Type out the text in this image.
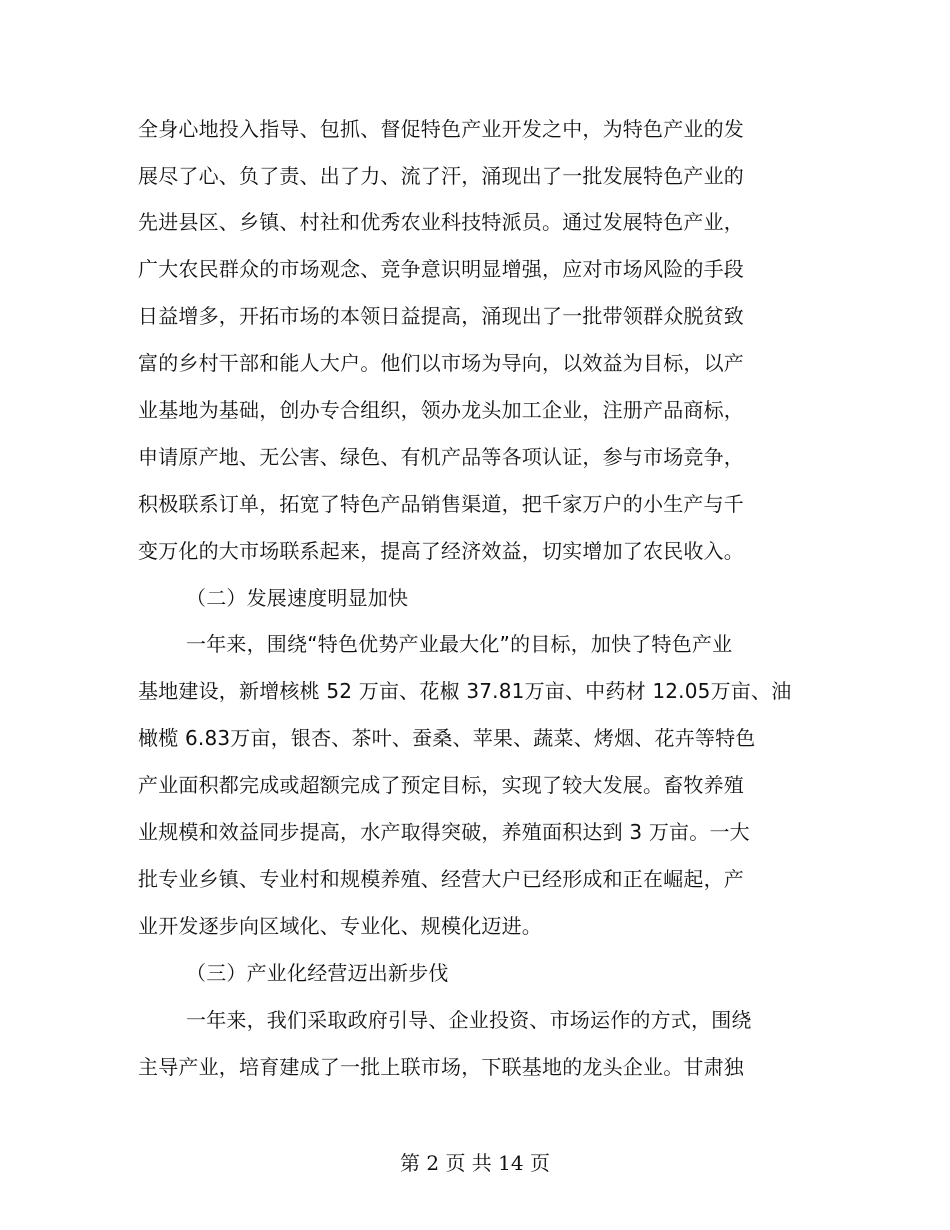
全身心地投入指导、包抓、督促特色产业开发之中，为特色产业的发
展尽了心、负了责、出了力、流了汗，涌现出了一批发展特色产业的
先进县区、乡镇、村社和优秀农业科技特派员。通过发展特色产业，
广大农民群众的市场观念、竞争意识明显增强，应对市场风险的手段
日益增多，开拓市场的本领日益提高，涌现出了一批带领群众脱贫致
富的乡村干部和能人大户。他们以市场为导向，以效益为目标，以产
业基地为基础，创办专合组织，领办龙头加工企业，注册产品商标，
申请原产地、无公害、绿色、有机产品等各项认证，参与市场竞争，
积极联系订单，拓宽了特色产品销售渠道，把千家万户的小生产与千
变万化的大市场联系起来，提高了经济效益，切实增加了农民收入。
（二）发展速度明显加快
一年来，围绕“特色优势产业最大化”的目标，加快了特色产业
基地建设，新增核桃 52 万亩、花椒 37.81万亩、中药材 12.05万亩、油
橄榄 6.83万亩，银杏、茶叶、蚕桑、苹果、蔬菜、烤烟、花卉等特色
产业面积都完成或超额完成了预定目标，实现了较大发展。畜牧养殖
业规模和效益同步提高，水产取得突破，养殖面积达到 3 万亩。一大
批专业乡镇、专业村和规模养殖、经营大户已经形成和正在崛起，产
业开发逐步向区域化、专业化、规模化迈进。
（三）产业化经营迈出新步伐
一年来，我们采取政府引导、企业投资、市场运作的方式，围绕
主导产业，培育建成了一批上联市场，下联基地的龙头企业。甘肃独
第 2 页 共 14 页
